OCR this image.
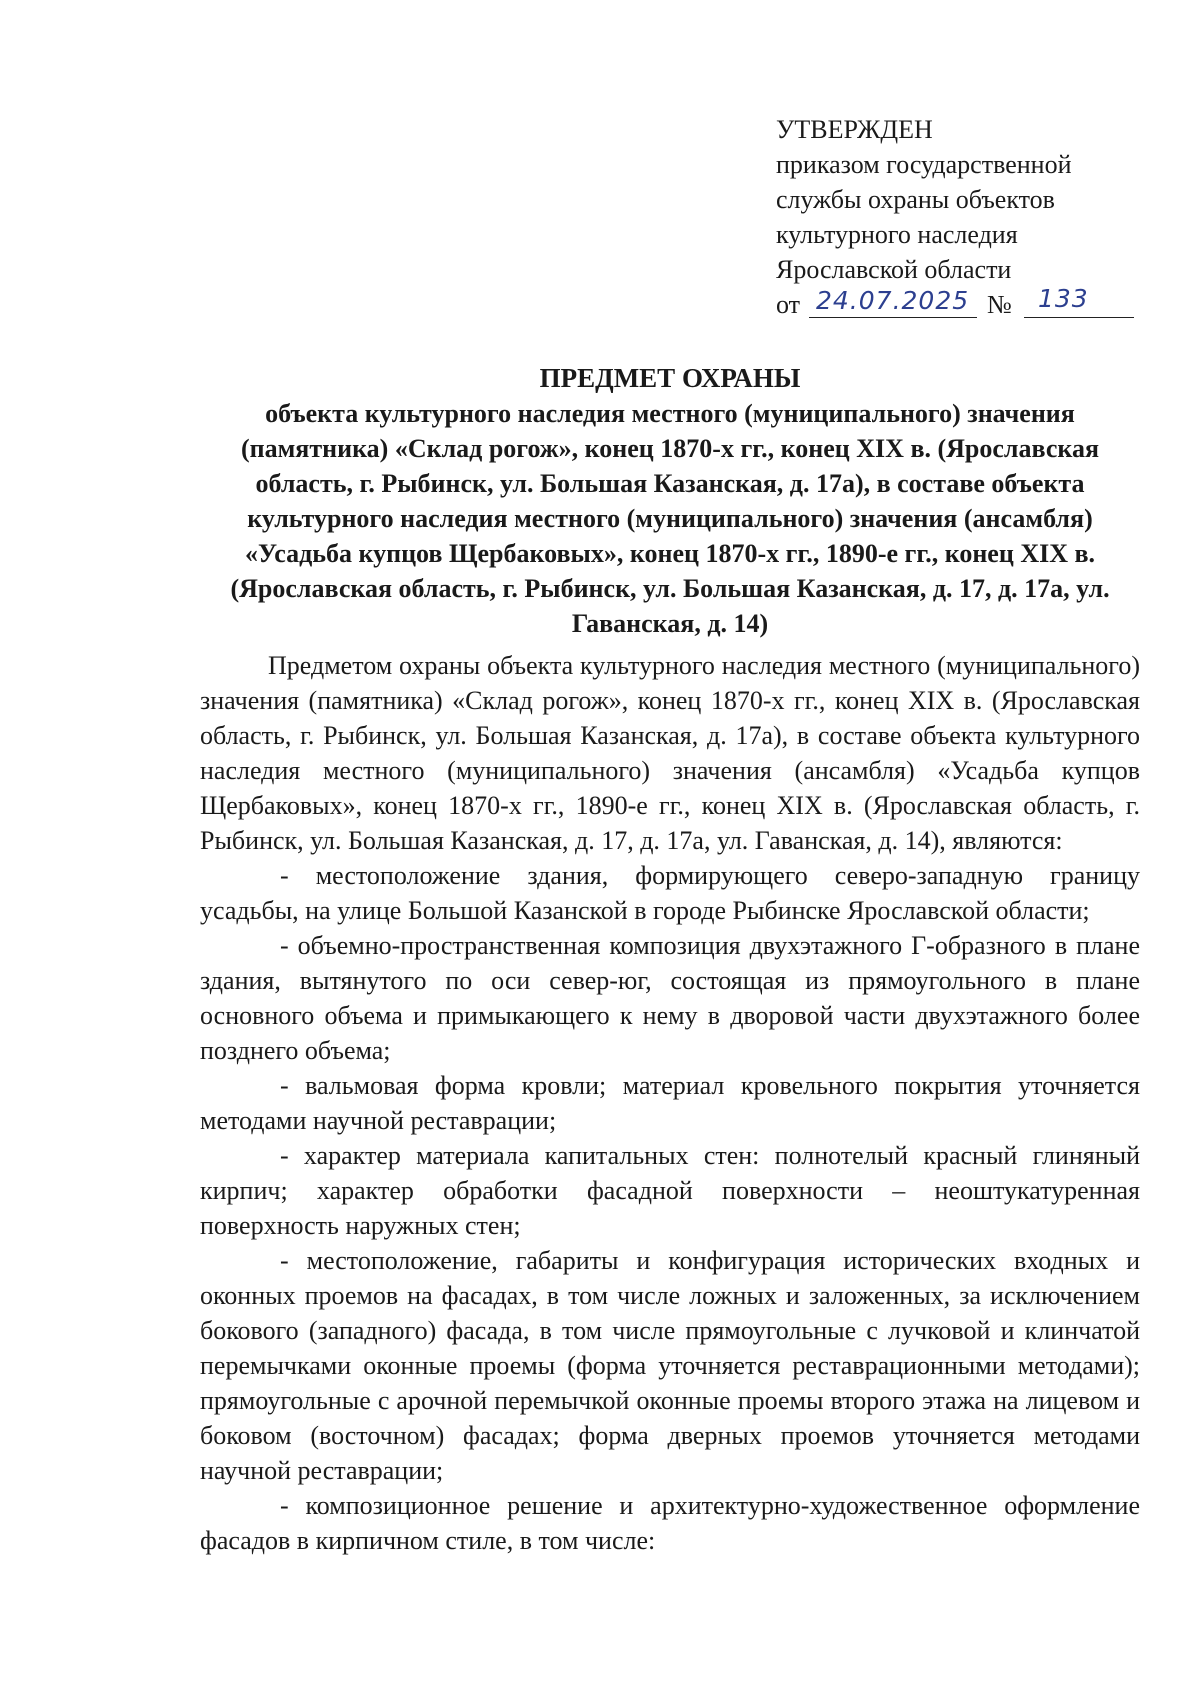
УТВЕРЖДЕН
приказом государственной
службы охраны объектов
культурного наследия
Ярославской области
от 24.07.2025 № 133
ПРЕДМЕТ ОХРАНЫ
объекта культурного наследия местного (муниципального) значения (памятника) «Склад рогож», конец 1870-х гг., конец XIX в. (Ярославская область, г. Рыбинск, ул. Большая Казанская, д. 17а), в составе объекта культурного наследия местного (муниципального) значения (ансамбля) «Усадьба купцов Щербаковых», конец 1870-х гг., 1890-е гг., конец XIX в. (Ярославская область, г. Рыбинск, ул. Большая Казанская, д. 17, д. 17а, ул. Гаванская, д. 14)

Предметом охраны объекта культурного наследия местного (муниципального) значения (памятника) «Склад рогож», конец 1870-х гг., конец XIX в. (Ярославская область, г. Рыбинск, ул. Большая Казанская, д. 17а), в составе объекта культурного наследия местного (муниципального) значения (ансамбля) «Усадьба купцов Щербаковых», конец 1870-х гг., 1890-е гг., конец XIX в. (Ярославская область, г. Рыбинск, ул. Большая Казанская, д. 17, д. 17а, ул. Гаванская, д. 14), являются:

- местоположение здания, формирующего северо-западную границу усадьбы, на улице Большой Казанской в городе Рыбинске Ярославской области;

- объемно-пространственная композиция двухэтажного Г-образного в плане здания, вытянутого по оси север-юг, состоящая из прямоугольного в плане основного объема и примыкающего к нему в дворовой части двухэтажного более позднего объема;

- вальмовая форма кровли; материал кровельного покрытия уточняется методами научной реставрации;

- характер материала капитальных стен: полнотелый красный глиняный кирпич; характер обработки фасадной поверхности – неоштукатуренная поверхность наружных стен;

- местоположение, габариты и конфигурация исторических входных и оконных проемов на фасадах, в том числе ложных и заложенных, за исключением бокового (западного) фасада, в том числе прямоугольные с лучковой и клинчатой перемычками оконные проемы (форма уточняется реставрационными методами); прямоугольные с арочной перемычкой оконные проемы второго этажа на лицевом и боковом (восточном) фасадах; форма дверных проемов уточняется методами научной реставрации;

- композиционное решение и архитектурно-художественное оформление фасадов в кирпичном стиле, в том числе:
